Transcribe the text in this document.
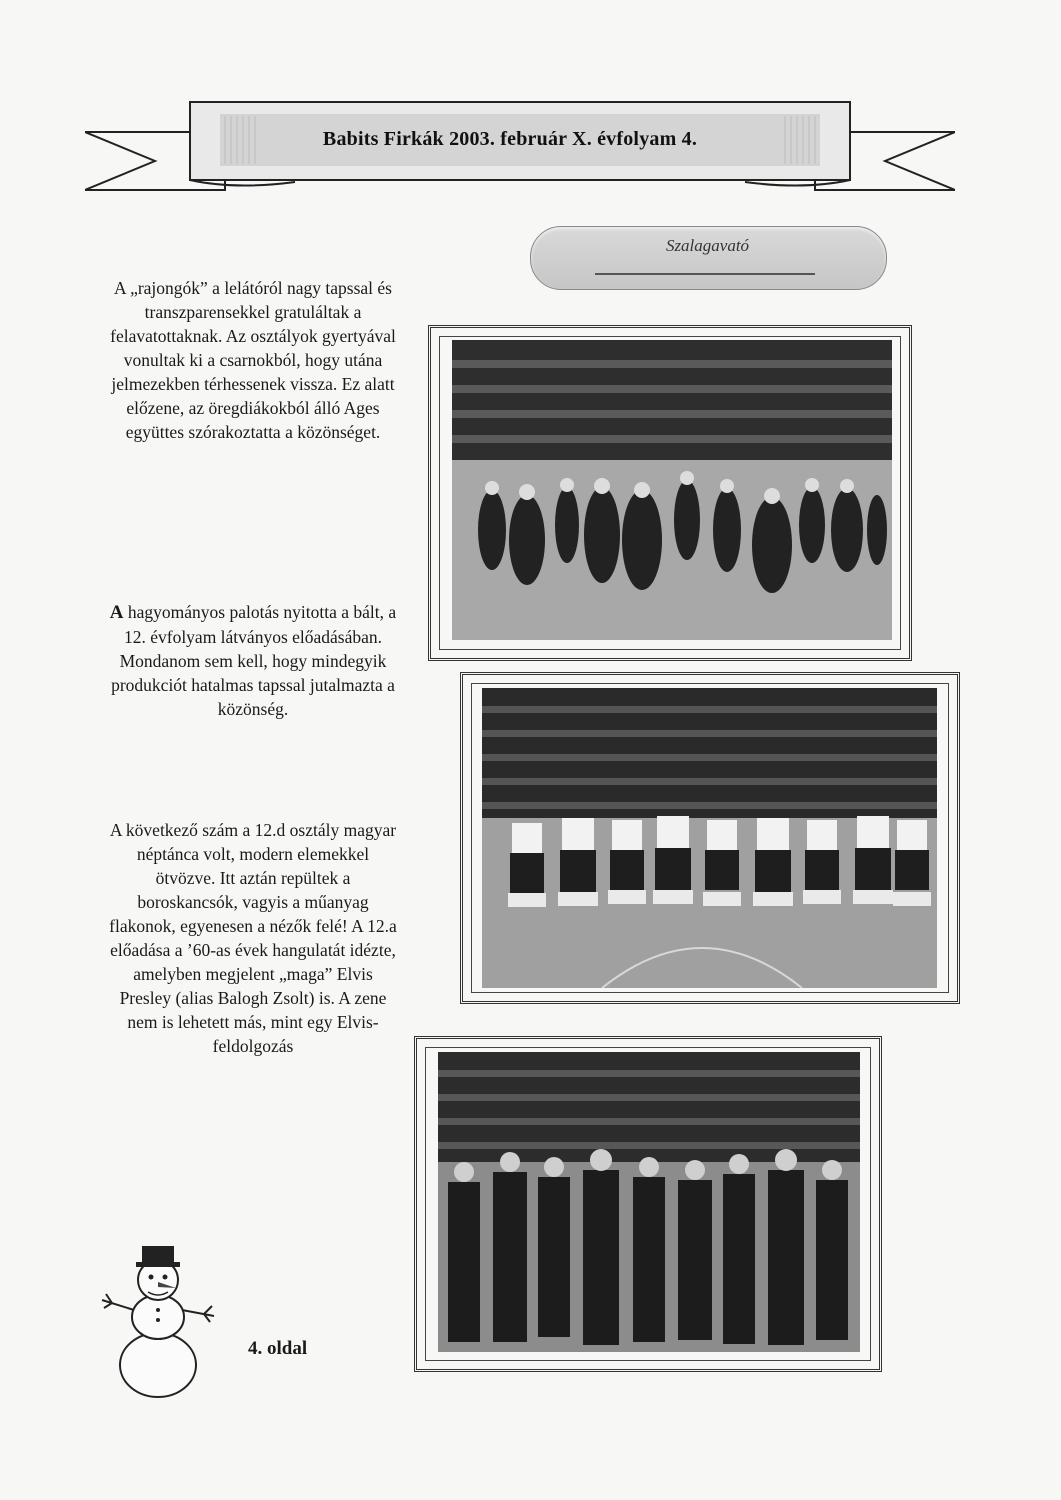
Babits Firkák 2003. február X. évfolyam 4.
Szalagavató

A „rajongók” a lelátóról nagy tapssal és transzparensekkel gratuláltak a felavatottaknak. Az osztályok gyertyával vonultak ki a csarnokból, hogy utána jelmezekben térhessenek vissza. Ez alatt előzene, az öregdiákokból álló Ages együttes szórakoztatta a közönséget.

A hagyományos palotás nyitotta a bált, a 12. évfolyam látványos előadásában. Mondanom sem kell, hogy mindegyik produkciót hatalmas tapssal jutalmazta a közönség.

A következő szám a 12.d osztály magyar néptánca volt, modern elemekkel ötvözve. Itt aztán repültek a boroskancsók, vagyis a műanyag flakonok, egyenesen a nézők felé! A 12.a előadása a ’60-as évek hangulatát idézte, amelyben megjelent „maga” Elvis Presley (alias Balogh Zsolt) is. A zene nem is lehetett más, mint egy Elvis-feldolgozás

4. oldal
